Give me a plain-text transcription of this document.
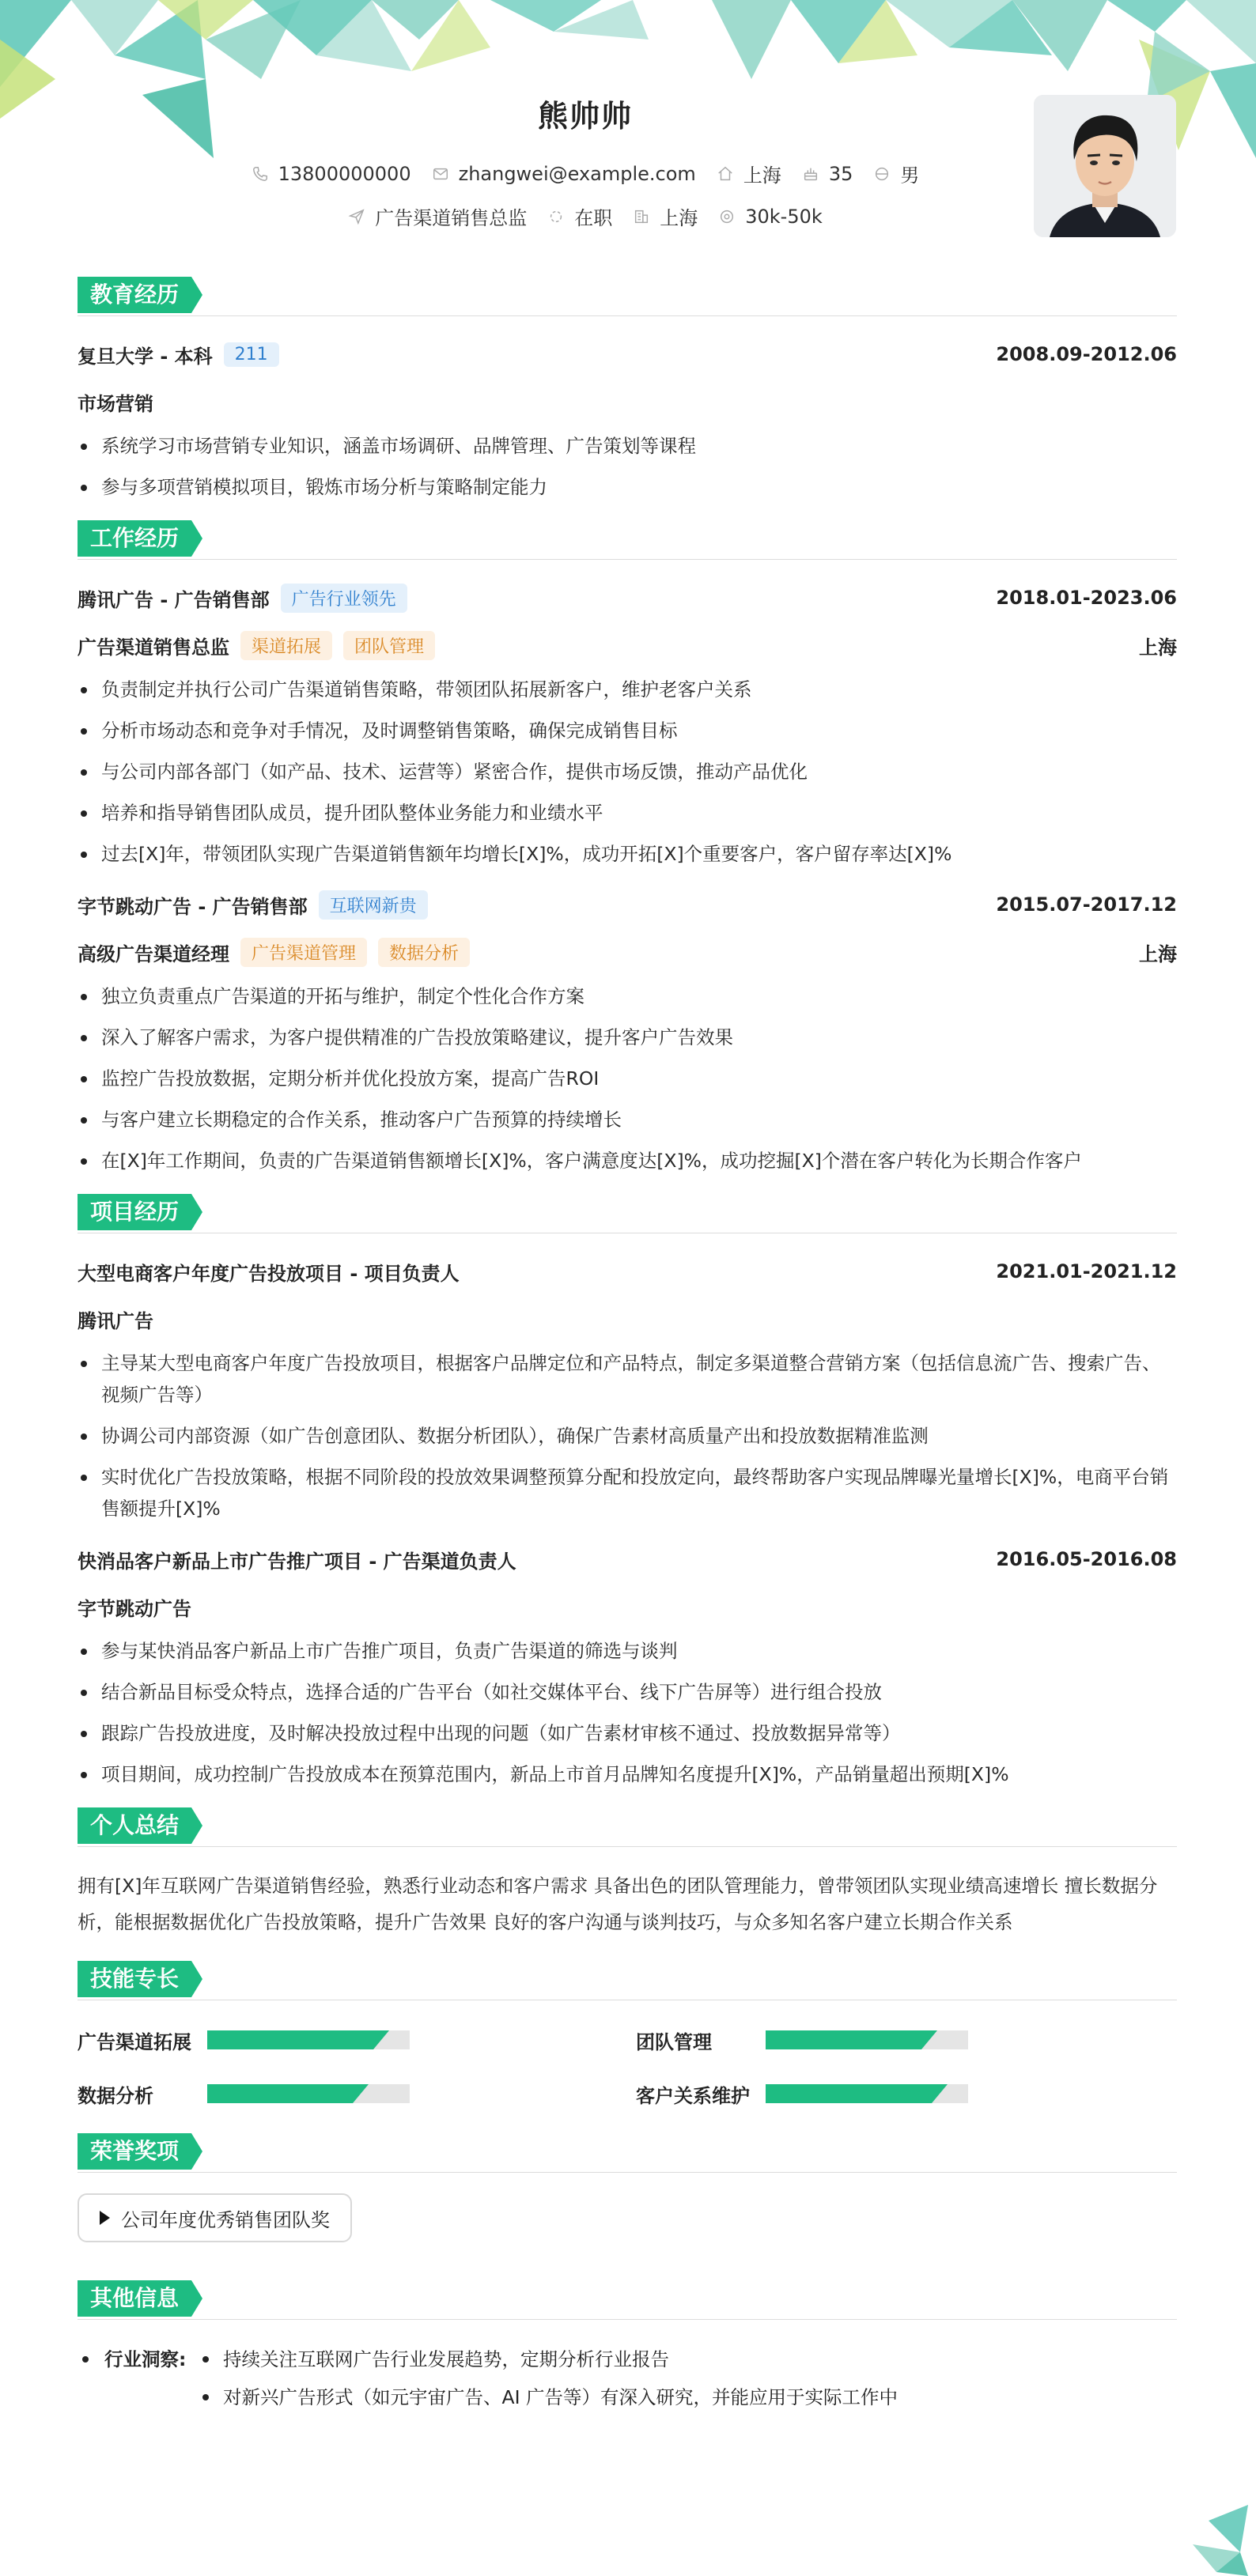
熊帅帅
13800000000	zhangwei@example.com	上海	35	男
广告渠道销售总监	在职	上海	30k-50k
教育经历
复旦大学 - 本科	211	2008.09-2012.06
市场营销
系统学习市场营销专业知识，涵盖市场调研、品牌管理、广告策划等课程
参与多项营销模拟项目，锻炼市场分析与策略制定能力
工作经历
腾讯广告 - 广告销售部	广告行业领先	2018.01-2023.06
广告渠道销售总监	渠道拓展	团队管理	上海
负责制定并执行公司广告渠道销售策略，带领团队拓展新客户，维护老客户关系
分析市场动态和竞争对手情况，及时调整销售策略，确保完成销售目标
与公司内部各部门（如产品、技术、运营等）紧密合作，提供市场反馈，推动产品优化
培养和指导销售团队成员，提升团队整体业务能力和业绩水平
过去[X]年，带领团队实现广告渠道销售额年均增长[X]%，成功开拓[X]个重要客户，客户留存率达[X]%
字节跳动广告 - 广告销售部	互联网新贵	2015.07-2017.12
高级广告渠道经理	广告渠道管理	数据分析	上海
独立负责重点广告渠道的开拓与维护，制定个性化合作方案
深入了解客户需求，为客户提供精准的广告投放策略建议，提升客户广告效果
监控广告投放数据，定期分析并优化投放方案，提高广告ROI
与客户建立长期稳定的合作关系，推动客户广告预算的持续增长
在[X]年工作期间，负责的广告渠道销售额增长[X]%，客户满意度达[X]%，成功挖掘[X]个潜在客户转化为长期合作客户
项目经历
大型电商客户年度广告投放项目 - 项目负责人	2021.01-2021.12
腾讯广告
主导某大型电商客户年度广告投放项目，根据客户品牌定位和产品特点，制定多渠道整合营销方案（包括信息流广告、搜索广告、视频广告等）
协调公司内部资源（如广告创意团队、数据分析团队），确保广告素材高质量产出和投放数据精准监测
实时优化广告投放策略，根据不同阶段的投放效果调整预算分配和投放定向，最终帮助客户实现品牌曝光量增长[X]%，电商平台销售额提升[X]%
快消品客户新品上市广告推广项目 - 广告渠道负责人	2016.05-2016.08
字节跳动广告
参与某快消品客户新品上市广告推广项目，负责广告渠道的筛选与谈判
结合新品目标受众特点，选择合适的广告平台（如社交媒体平台、线下广告屏等）进行组合投放
跟踪广告投放进度，及时解决投放过程中出现的问题（如广告素材审核不通过、投放数据异常等）
项目期间，成功控制广告投放成本在预算范围内，新品上市首月品牌知名度提升[X]%，产品销量超出预期[X]%
个人总结

拥有[X]年互联网广告渠道销售经验，熟悉行业动态和客户需求 具备出色的团队管理能力，曾带领团队实现业绩高速增长 擅长数据分析，能根据数据优化广告投放策略，提升广告效果 良好的客户沟通与谈判技巧，与众多知名客户建立长期合作关系

技能专长
广告渠道拓展	团队管理
数据分析	客户关系维护
荣誉奖项
公司年度优秀销售团队奖
其他信息
行业洞察: 持续关注互联网广告行业发展趋势，定期分析行业报告
对新兴广告形式（如元宇宙广告、AI 广告等）有深入研究，并能应用于实际工作中
